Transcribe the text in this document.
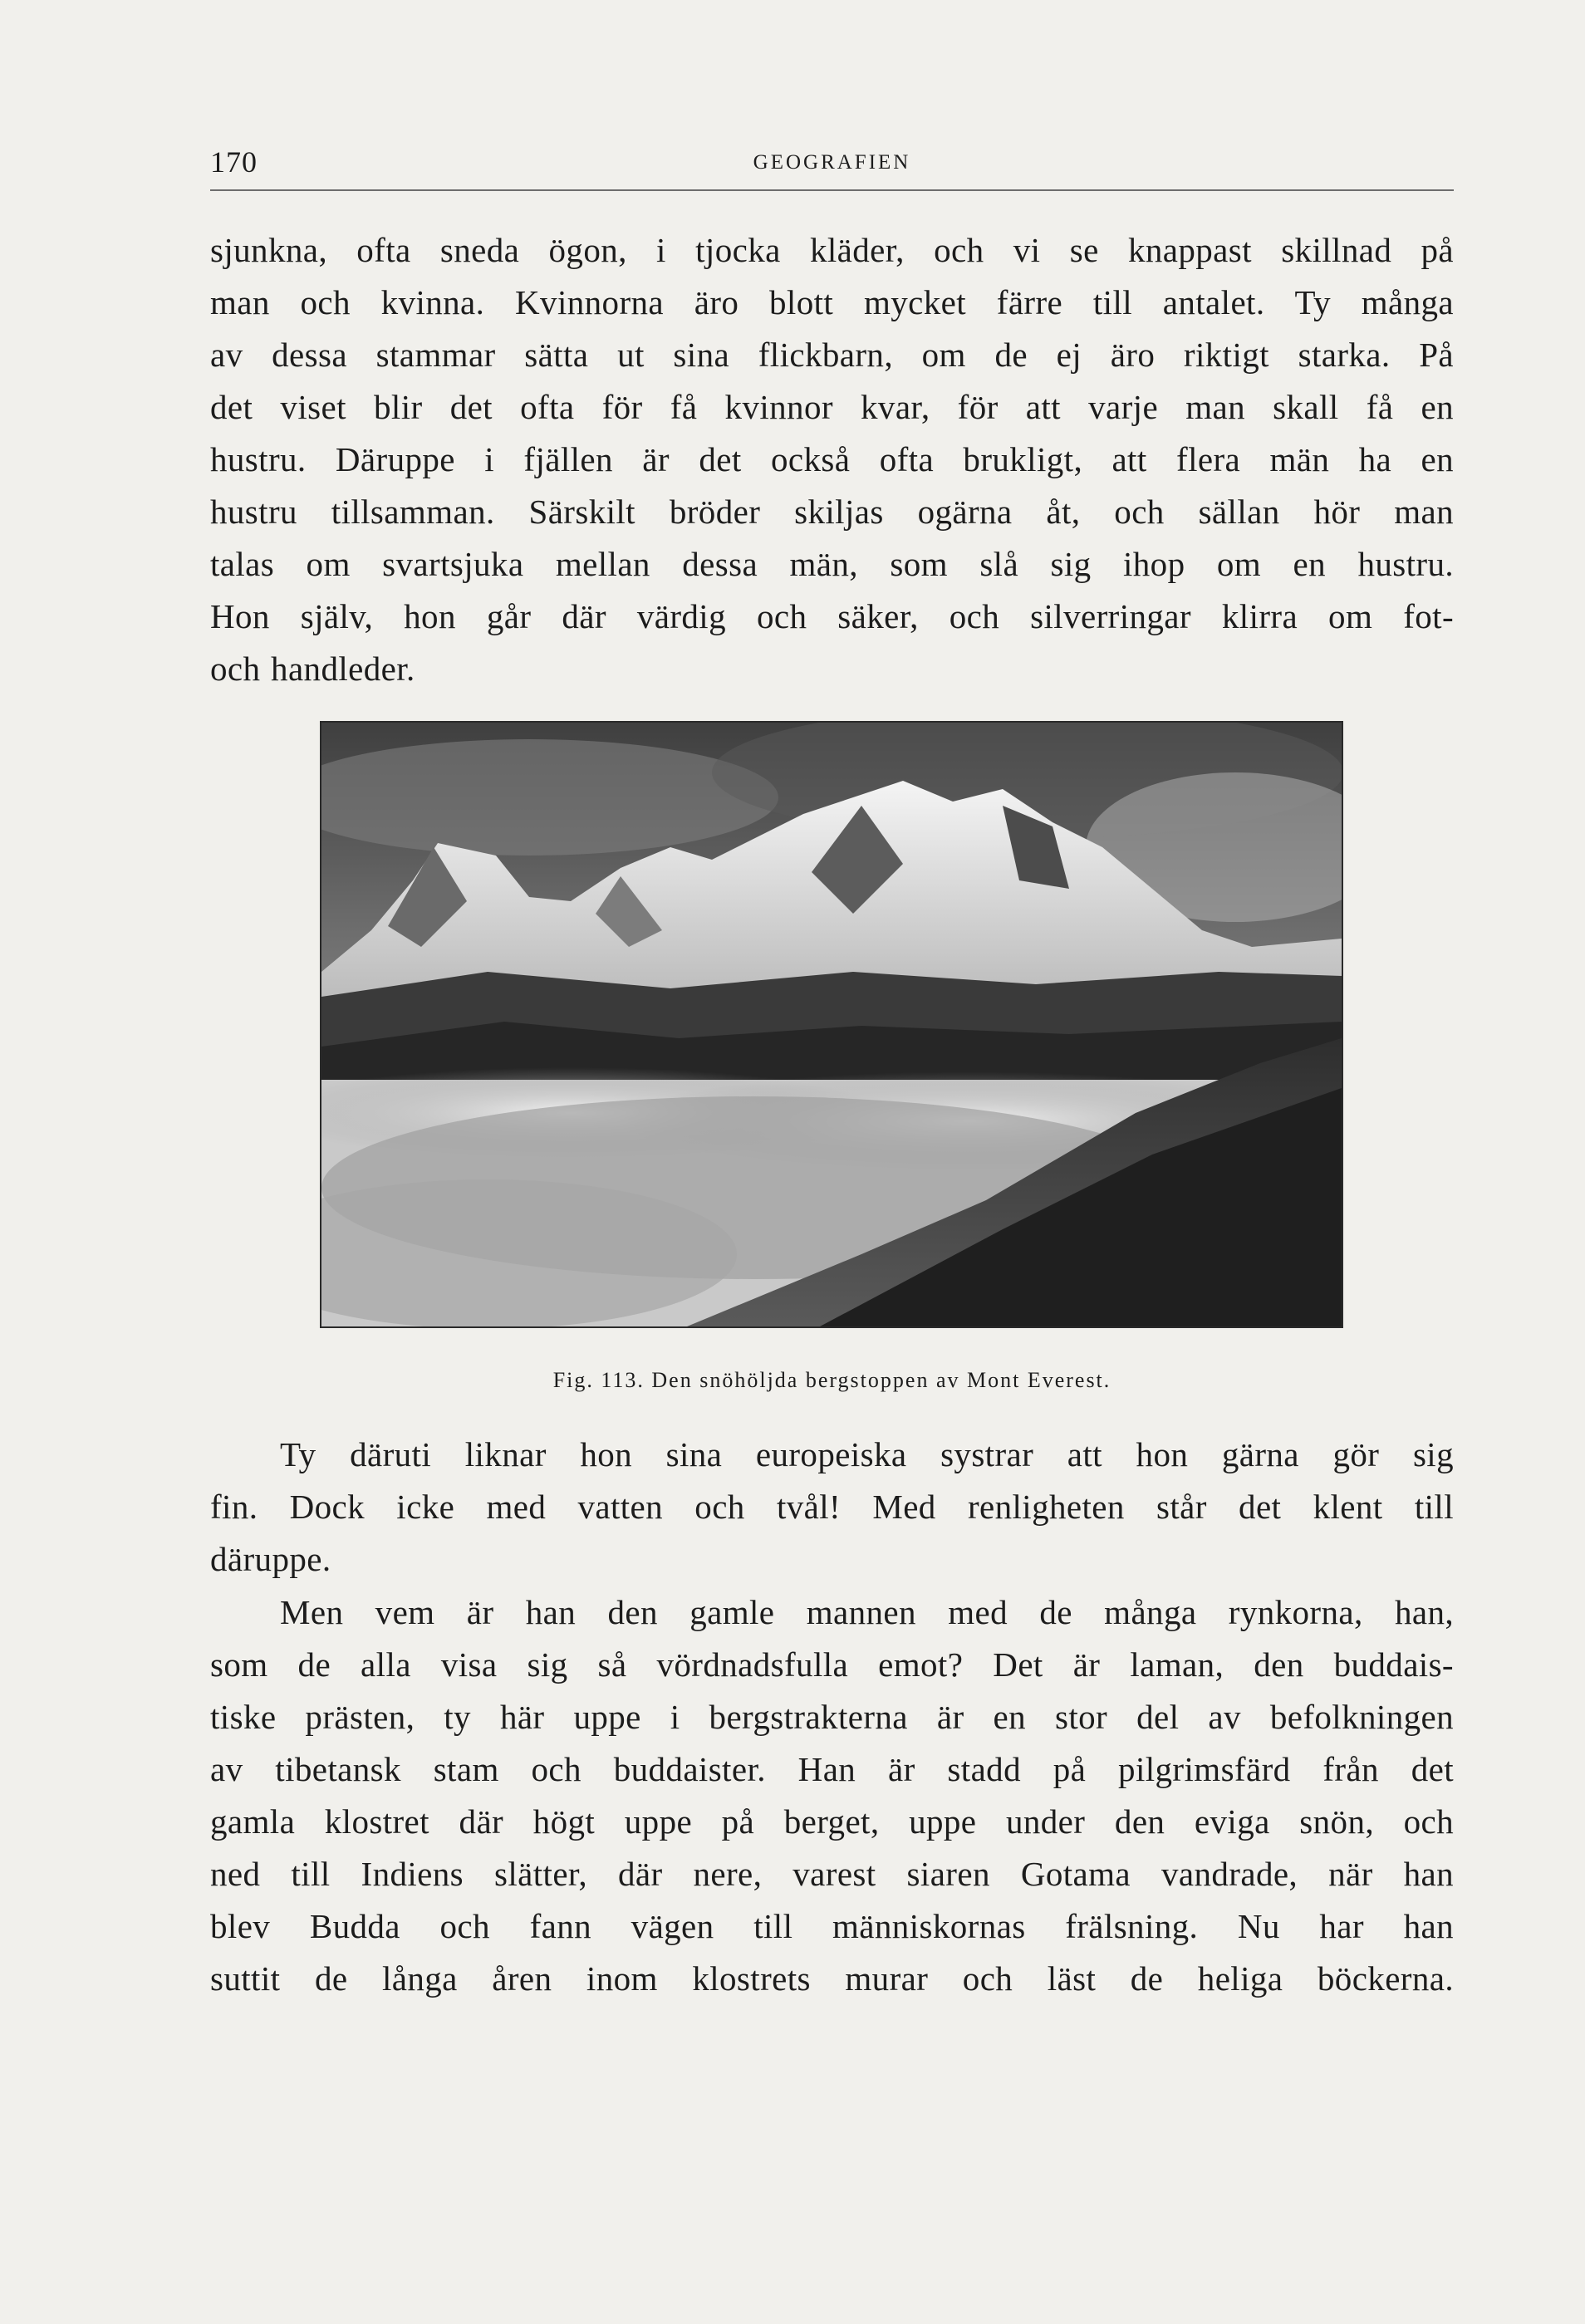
170	GEOGRAFIEN
sjunkna, ofta sneda ögon, i tjocka kläder, och vi se knappast skillnad på
man och kvinna. Kvinnorna äro blott mycket färre till antalet. Ty många
av dessa stammar sätta ut sina flickbarn, om de ej äro riktigt starka. På
det viset blir det ofta för få kvinnor kvar, för att varje man skall få en
hustru. Däruppe i fjällen är det också ofta brukligt, att flera män ha en
hustru tillsamman. Särskilt bröder skiljas ogärna åt, och sällan hör man
talas om svartsjuka mellan dessa män, som slå sig ihop om en hustru.
Hon själv, hon går där värdig och säker, och silverringar klirra om fot-
och handleder.
Fig. 113. Den snöhöljda bergstoppen av Mont Everest.
Ty däruti liknar hon sina europeiska systrar att hon gärna gör sig
fin. Dock icke med vatten och tvål! Med renligheten står det klent till
däruppe.
Men vem är han den gamle mannen med de många rynkorna, han,
som de alla visa sig så vördnadsfulla emot? Det är laman, den buddais-
tiske prästen, ty här uppe i bergstrakterna är en stor del av befolkningen
av tibetansk stam och buddaister. Han är stadd på pilgrimsfärd från det
gamla klostret där högt uppe på berget, uppe under den eviga snön, och
ned till Indiens slätter, där nere, varest siaren Gotama vandrade, när han
blev Budda och fann vägen till människornas frälsning. Nu har han
suttit de långa åren inom klostrets murar och läst de heliga böckerna.
